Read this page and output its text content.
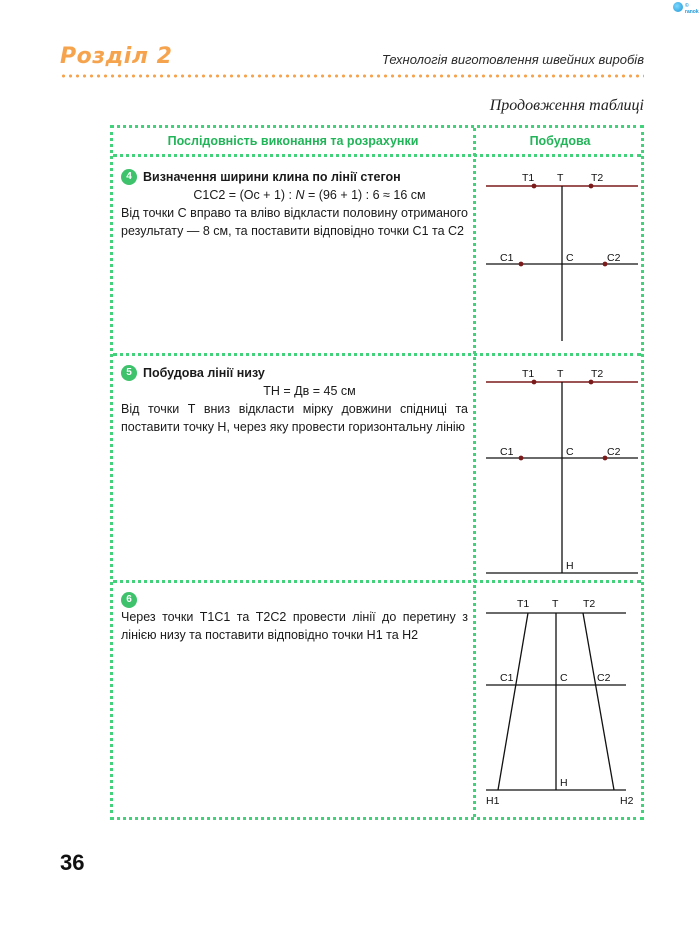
© ranok
Розділ 2	Технологія виготовлення швейних виробів
Продовження таблиці
Послідовність виконання та розрахунки	Побудова
4 Визначення ширини клина по лінії стегон
C1C2 = (Ос + 1) : N = (96 + 1) : 6 ≈ 16 см
Від точки С вправо та вліво відкласти половину отриманого результату — 8 см, та поставити відповідно точки С1 та С2
T1 T	T2
C1	C	C2
5 Побудова лінії низу
ТН = Дв = 45 см
Від точки Т вниз відкласти мірку довжини спідниці та поставити точку Н, через яку провести горизонтальну лінію
T1 T	T2
C1	C	C2
H
6
Через точки Т1С1 та Т2С2 провести лінії до перетину з лінією низу та поставити відповідно точки Н1 та Н2
T1 T T2
C1	C	C2
H
H1	H2
36
